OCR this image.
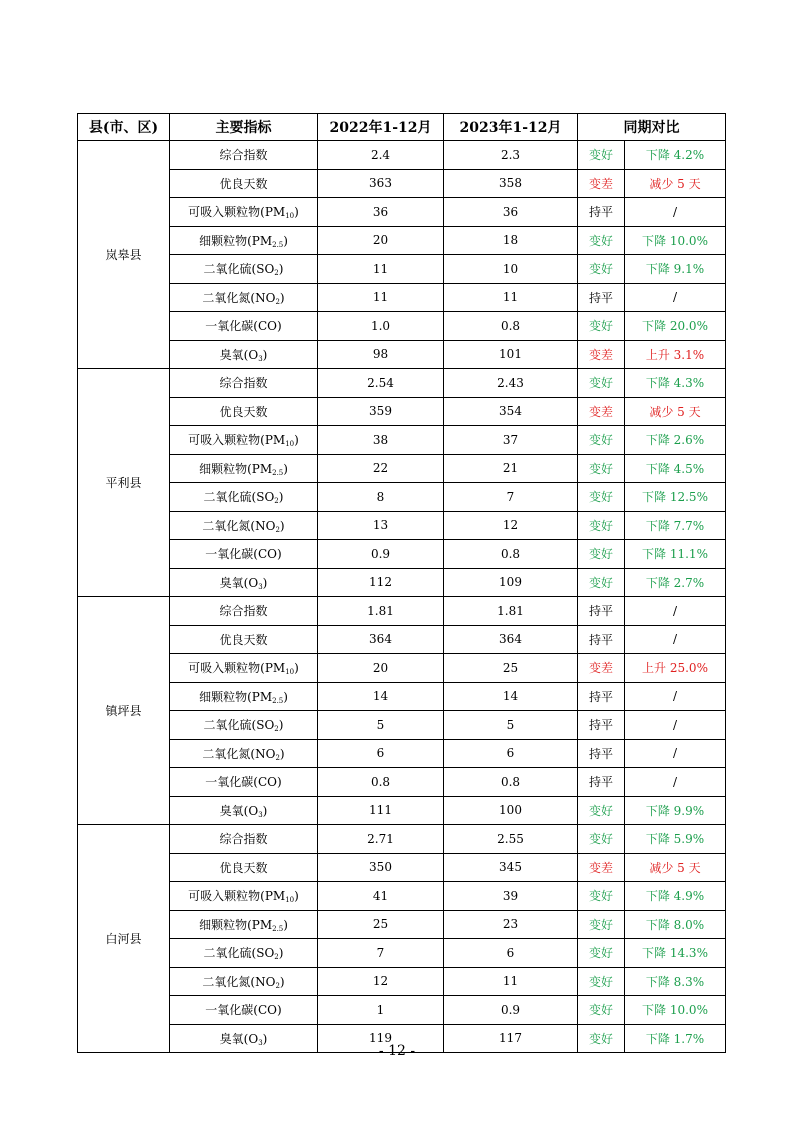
县(市、区)	主要指标	2022年1-12月	2023年1-12月	同期对比	
岚皋县	综合指数	2.4	2.3	变好	下降 4.2%
	优良天数	363	358	变差	减少 5 天
	可吸入颗粒物$(PM_{10})$	36	36	持平	/
	细颗粒物$(PM_{2.5})$	20	18	变好	下降 10.0%
	二氧化硫$(SO_2)$	11	10	变好	下降 9.1%
	二氧化氮$(NO_2)$	11	11	持平	/
	一氧化碳(CO)	1.0	0.8	变好	下降 20.0%
	臭氧$(O_3)$	98	101	变差	上升 3.1%
平利县	综合指数	2.54	2.43	变好	下降 4.3%
	优良天数	359	354	变差	减少 5 天
	可吸入颗粒物$(PM_{10})$	38	37	变好	下降 2.6%
	细颗粒物$(PM_{2.5})$	22	21	变好	下降 4.5%
	二氧化硫$(SO_2)$	8	7	变好	下降 12.5%
	二氧化氮$(NO_2)$	13	12	变好	下降 7.7%
	一氧化碳(CO)	0.9	0.8	变好	下降 11.1%
	臭氧$(O_3)$	112	109	变好	下降 2.7%
镇坪县	综合指数	1.81	1.81	持平	/
	优良天数	364	364	持平	/
	可吸入颗粒物$(PM_{10})$	20	25	变差	上升 25.0%
	细颗粒物$(PM_{2.5})$	14	14	持平	/
	二氧化硫$(SO_2)$	5	5	持平	/
	二氧化氮$(NO_2)$	6	6	持平	/
	一氧化碳(CO)	0.8	0.8	持平	/
	臭氧$(O_3)$	111	100	变好	下降 9.9%
白河县	综合指数	2.71	2.55	变好	下降 5.9%
	优良天数	350	345	变差	减少 5 天
	可吸入颗粒物$(PM_{10})$	41	39	变好	下降 4.9%
	细颗粒物$(PM_{2.5})$	25	23	变好	下降 8.0%
	二氧化硫$(SO_2)$	7	6	变好	下降 14.3%
	二氧化氮$(NO_2)$	12	11	变好	下降 8.3%
	一氧化碳(CO)	1	0.9	变好	下降 10.0%
	臭氧$(O_3)$	119	117	变好	下降 1.7%
- 12 -
